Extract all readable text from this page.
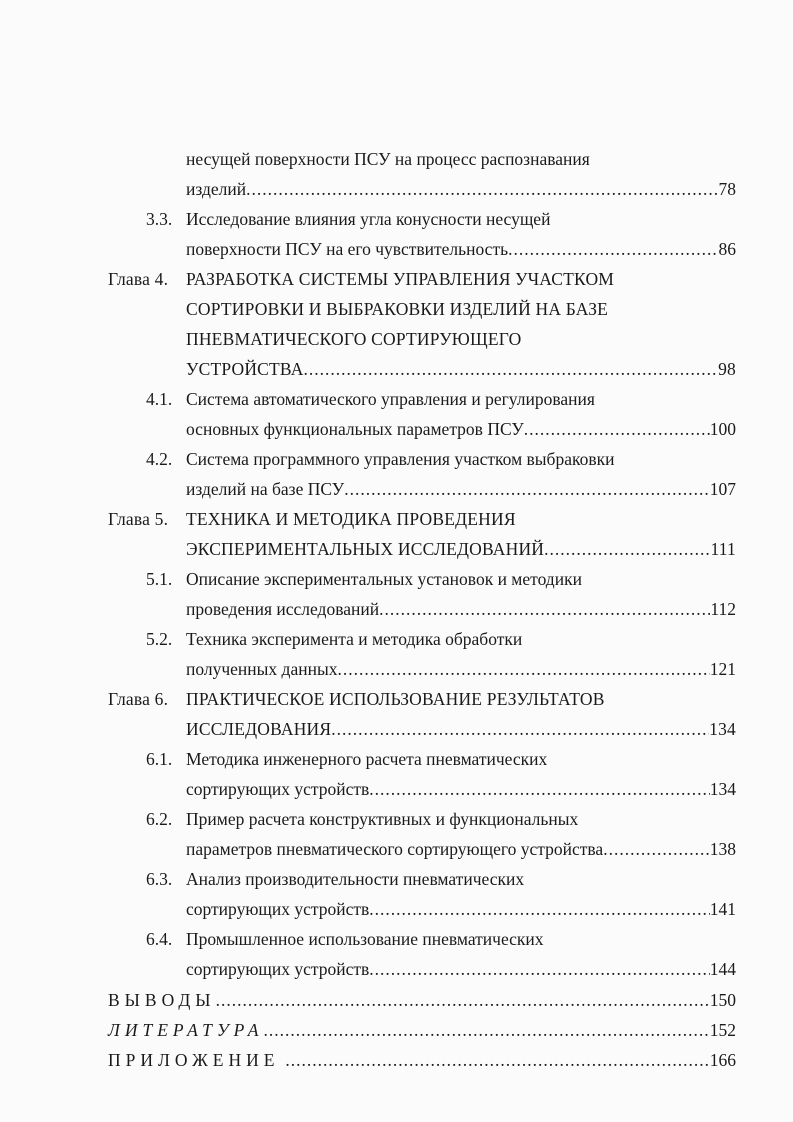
несущей поверхности ПСУ на процесс распознавания
изделий .....	78
3.3. Исследование влияния угла конусности несущей
поверхности ПСУ на его чувствительность .....	86
Глава 4.	РАЗРАБОТКА СИСТЕМЫ УПРАВЛЕНИЯ УЧАСТКОМ
СОРТИРОВКИ И ВЫБРАКОВКИ ИЗДЕЛИЙ НА БАЗЕ
ПНЕВМАТИЧЕСКОГО СОРТИРУЮЩЕГО
УСТРОЙСТВА .....	98
4.1. Система автоматического управления и регулирования
основных функциональных параметров ПСУ .....	100
4.2. Система программного управления участком выбраковки
изделий на базе ПСУ .....	107
Глава 5.	ТЕХНИКА И МЕТОДИКА ПРОВЕДЕНИЯ
ЭКСПЕРИМЕНТАЛЬНЫХ ИССЛЕДОВАНИЙ .....	111
5.1. Описание экспериментальных установок и методики
проведения исследований .....	112
5.2. Техника эксперимента и методика обработки
полученных данных .....	121
Глава 6.	ПРАКТИЧЕСКОЕ ИСПОЛЬЗОВАНИЕ РЕЗУЛЬТАТОВ
ИССЛЕДОВАНИЯ .....	134
6.1. Методика инженерного расчета пневматических
сортирующих устройств .....	134
6.2. Пример расчета конструктивных и функциональных
параметров пневматического сортирующего устройства .....	138
6.3. Анализ производительности пневматических
сортирующих устройств .....	141
6.4. Промышленное использование пневматических
сортирующих устройств .....	144
ВЫВОДЫ .....	150
ЛИТЕРАТУРА .....	152
ПРИЛОЖЕНИЕ .....	166
